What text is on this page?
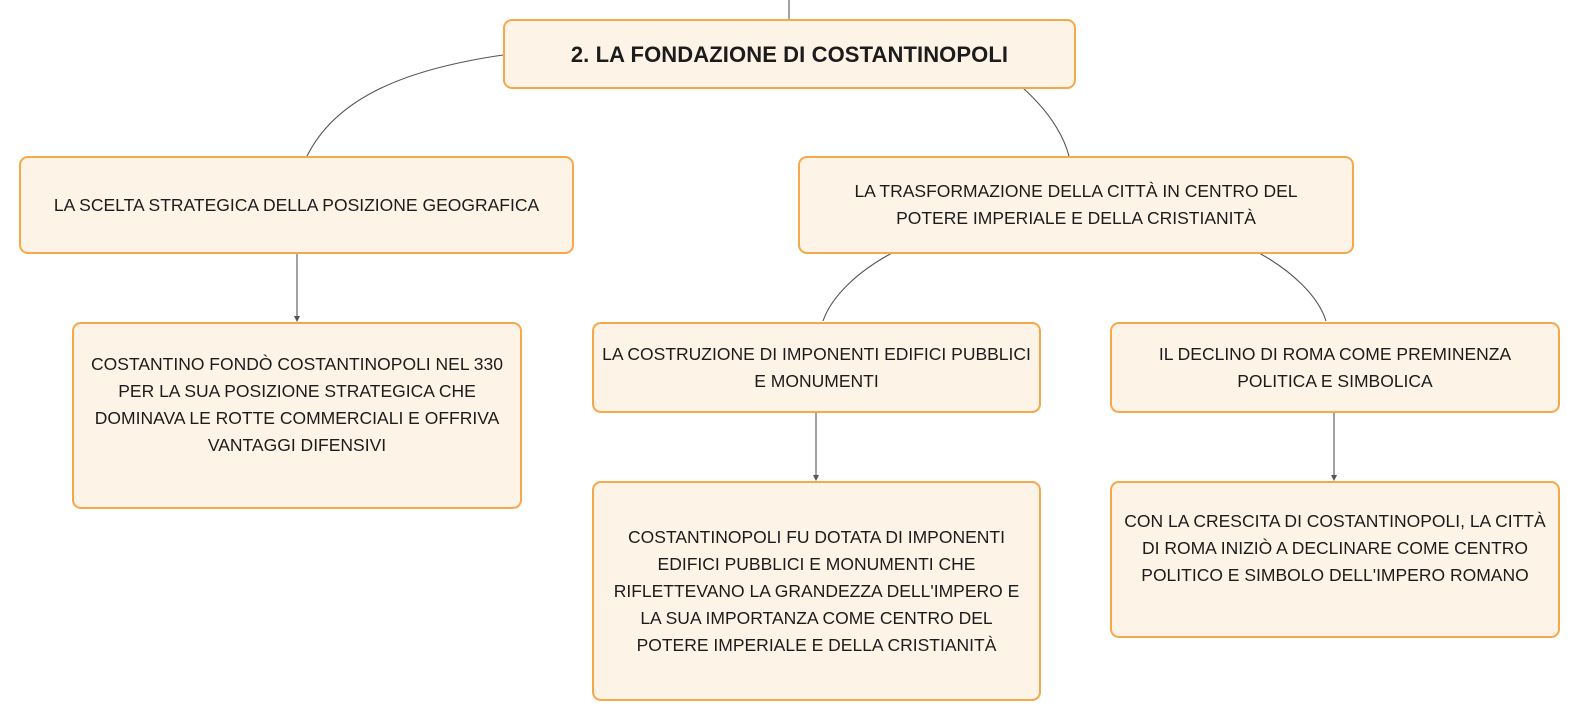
2. LA FONDAZIONE DI COSTANTINOPOLI
LA SCELTA STRATEGICA DELLA POSIZIONE GEOGRAFICA
LA TRASFORMAZIONE DELLA CITTÀ IN CENTRO DEL POTERE IMPERIALE E DELLA CRISTIANITÀ
COSTANTINO FONDÒ COSTANTINOPOLI NEL 330 PER LA SUA POSIZIONE STRATEGICA CHE DOMINAVA LE ROTTE COMMERCIALI E OFFRIVA VANTAGGI DIFENSIVI
LA COSTRUZIONE DI IMPONENTI EDIFICI PUBBLICI E MONUMENTI
IL DECLINO DI ROMA COME PREMINENZA POLITICA E SIMBOLICA
COSTANTINOPOLI FU DOTATA DI IMPONENTI EDIFICI PUBBLICI E MONUMENTI CHE RIFLETTEVANO LA GRANDEZZA DELL'IMPERO E LA SUA IMPORTANZA COME CENTRO DEL POTERE IMPERIALE E DELLA CRISTIANITÀ
CON LA CRESCITA DI COSTANTINOPOLI, LA CITTÀ DI ROMA INIZIÒ A DECLINARE COME CENTRO POLITICO E SIMBOLO DELL'IMPERO ROMANO
